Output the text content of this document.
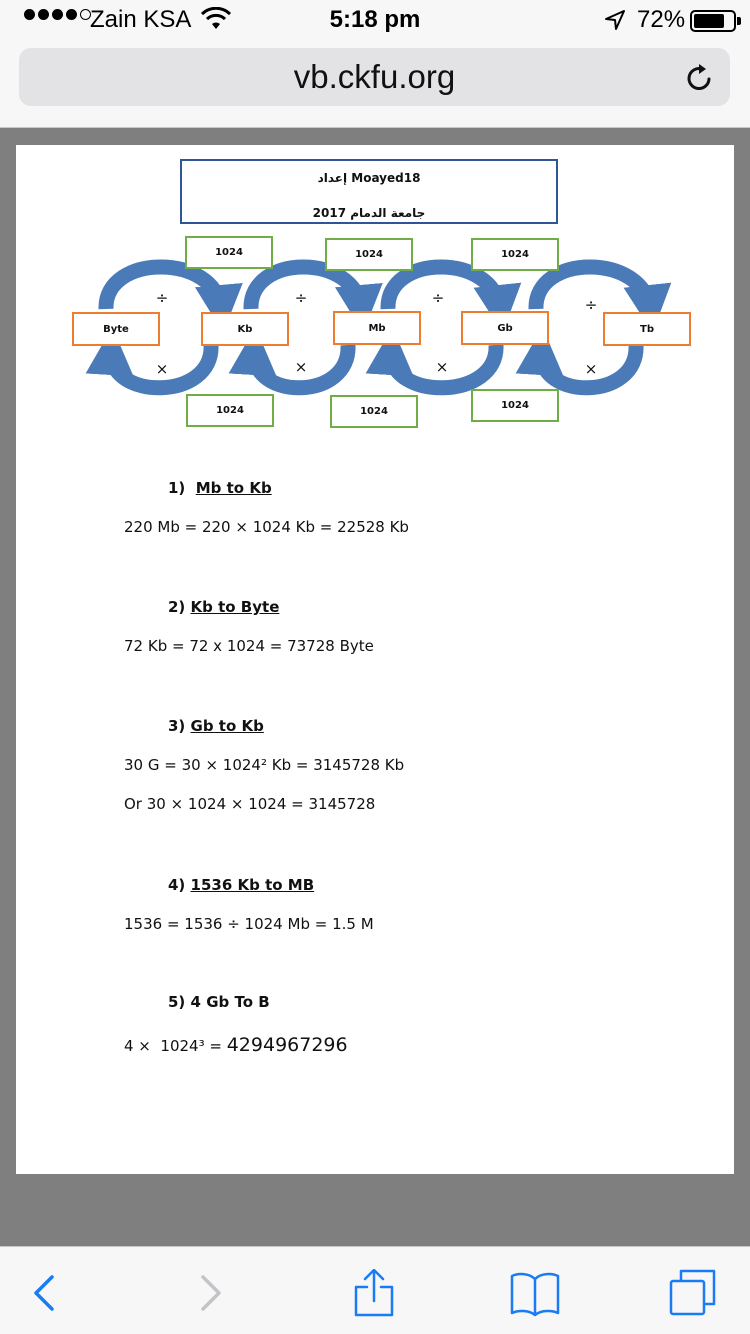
Zain KSA	5:18 pm	72%
vb.ckfu.org
إعداد Moayed18
جامعة الدمام 2017
÷	÷	÷	÷
×	×	×	×
Byte	Kb	Mb	Gb	Tb
1024	1024	1024
1024	1024
1024
1) Mb to Kb
220 Mb = 220 × 1024 Kb = 22528 Kb
2) Kb to Byte
72 Kb = 72 x 1024 = 73728 Byte
3) Gb to Kb
30 G = 30 × 1024² Kb = 3145728 Kb
Or 30 × 1024 × 1024 = 3145728
4) 1536 Kb to MB
1536 = 1536 ÷ 1024 Mb = 1.5 M
5) 4 Gb To B
4 ×  1024³ = 4294967296
